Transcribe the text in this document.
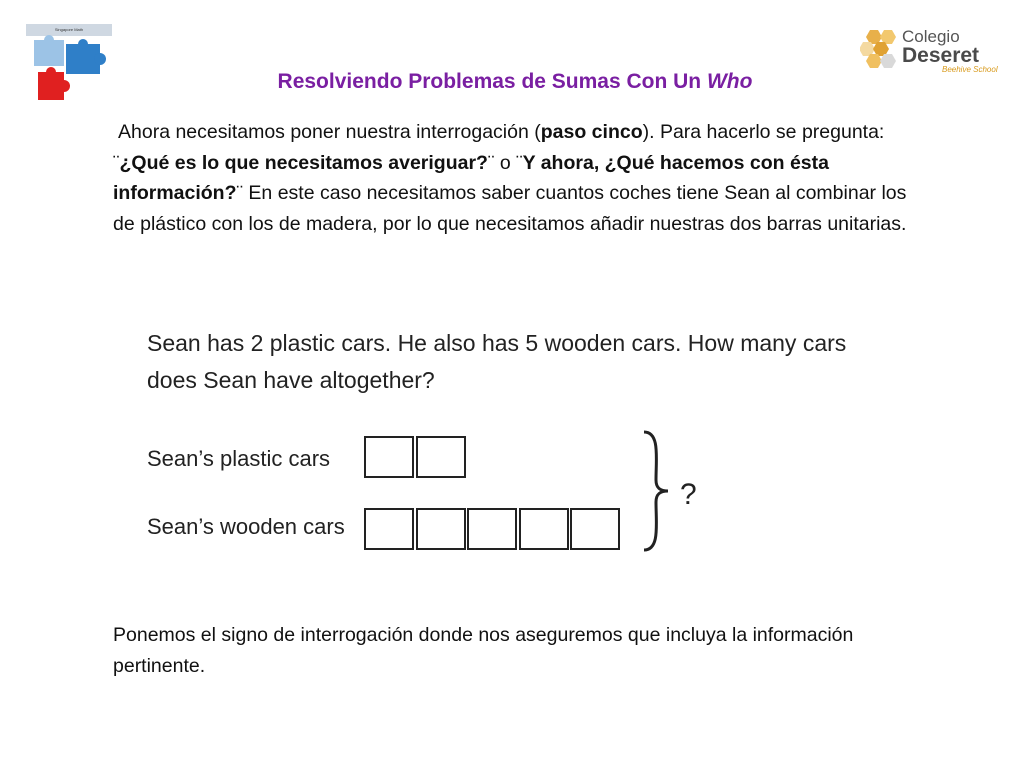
Singapore Math	Colegio
Deseret
Beehive School
Resolviendo Problemas de Sumas Con Un Who
Ahora necesitamos poner nuestra interrogación (paso cinco). Para hacerlo se pregunta: ¨¿Qué es lo que necesitamos averiguar?¨ o ¨Y ahora, ¿Qué hacemos con ésta información?¨ En este caso necesitamos saber cuantos coches tiene Sean al combinar los de plástico con los de madera, por lo que necesitamos añadir nuestras dos barras unitarias.
Sean has 2 plastic cars. He also has 5 wooden cars. How many cars
does Sean have altogether?
Sean’s plastic cars
Sean’s wooden cars
?
Ponemos el signo de interrogación donde nos aseguremos que incluya la información pertinente.
